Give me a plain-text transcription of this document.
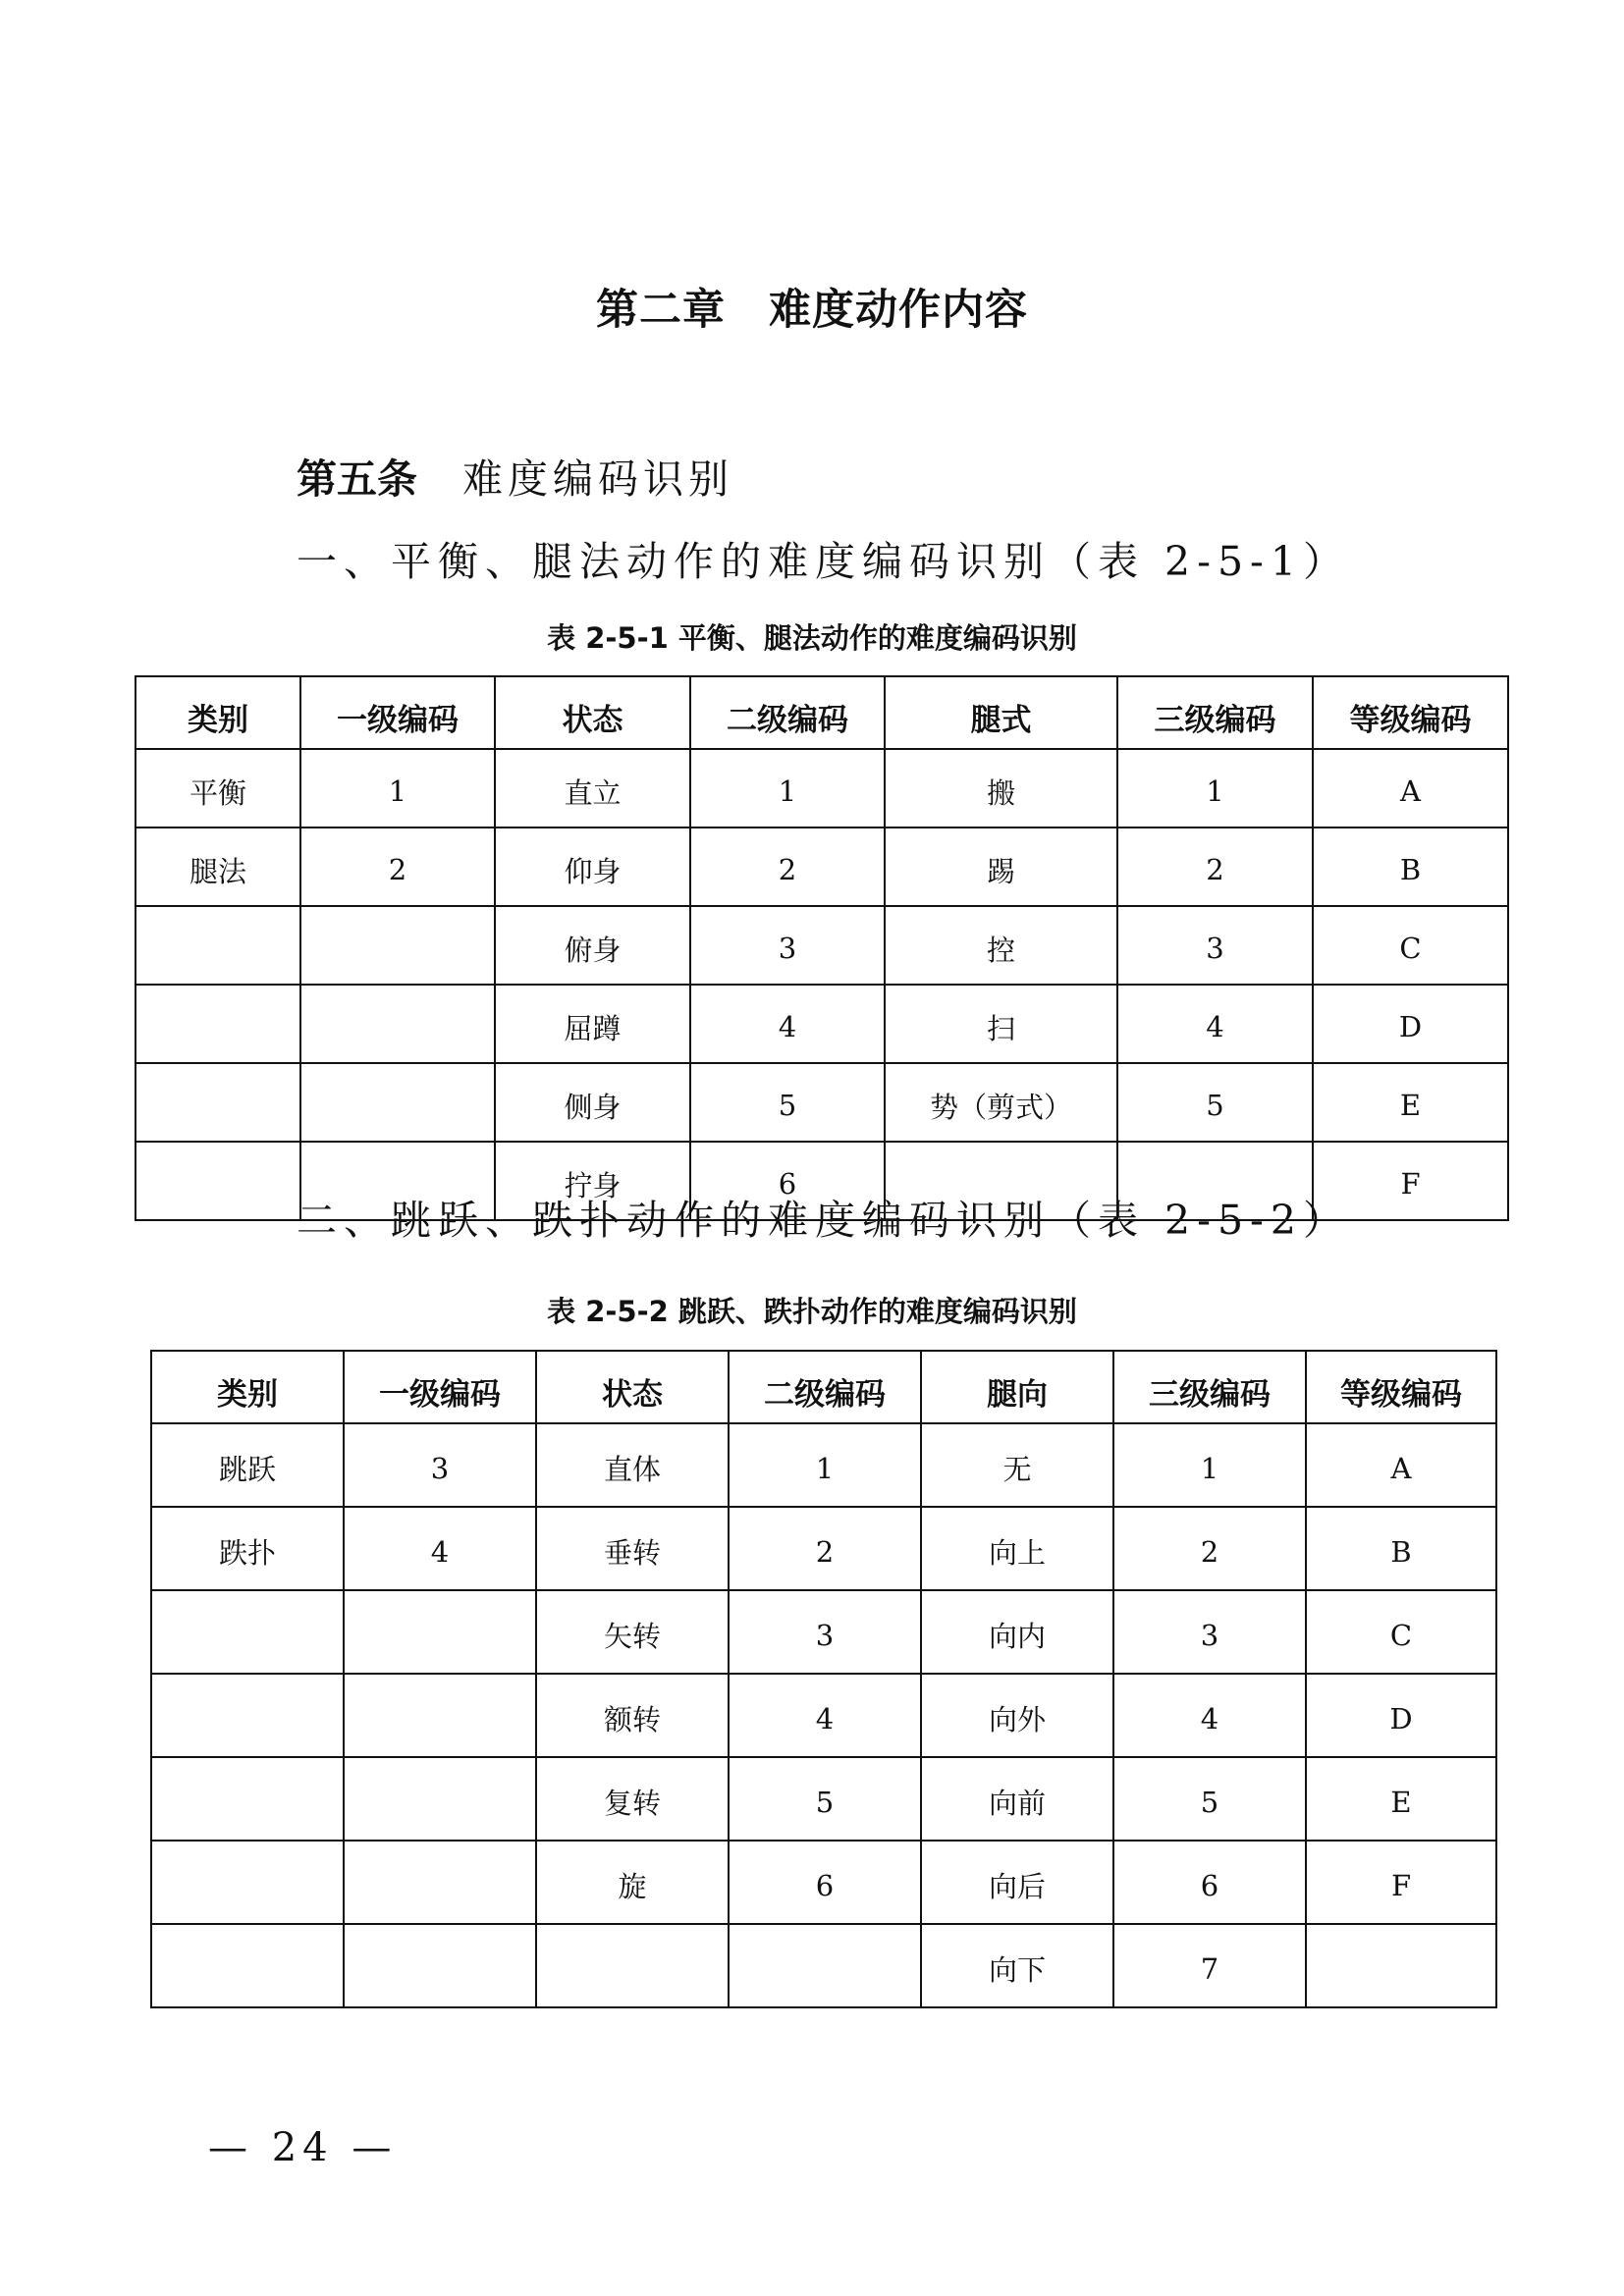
第二章　难度动作内容
第五条 难度编码识别
一、平衡、腿法动作的难度编码识别（表 2-5-1）
表 2-5-1 平衡、腿法动作的难度编码识别
类别	一级编码	状态	二级编码	腿式	三级编码	等级编码
平衡	1	直立	1	搬	1	A
腿法	2	仰身	2	踢	2	B
		俯身	3	控	3	C
		屈蹲	4	扫	4	D
		侧身	5	势（剪式）	5	E
		拧身	6			F
二、跳跃、跌扑动作的难度编码识别（表 2-5-2）
表 2-5-2 跳跃、跌扑动作的难度编码识别
类别	一级编码	状态	二级编码	腿向	三级编码	等级编码
跳跃	3	直体	1	无	1	A
跌扑	4	垂转	2	向上	2	B
		矢转	3	向内	3	C
		额转	4	向外	4	D
		复转	5	向前	5	E
		旋	6	向后	6	F
				向下	7	
— 24 —
